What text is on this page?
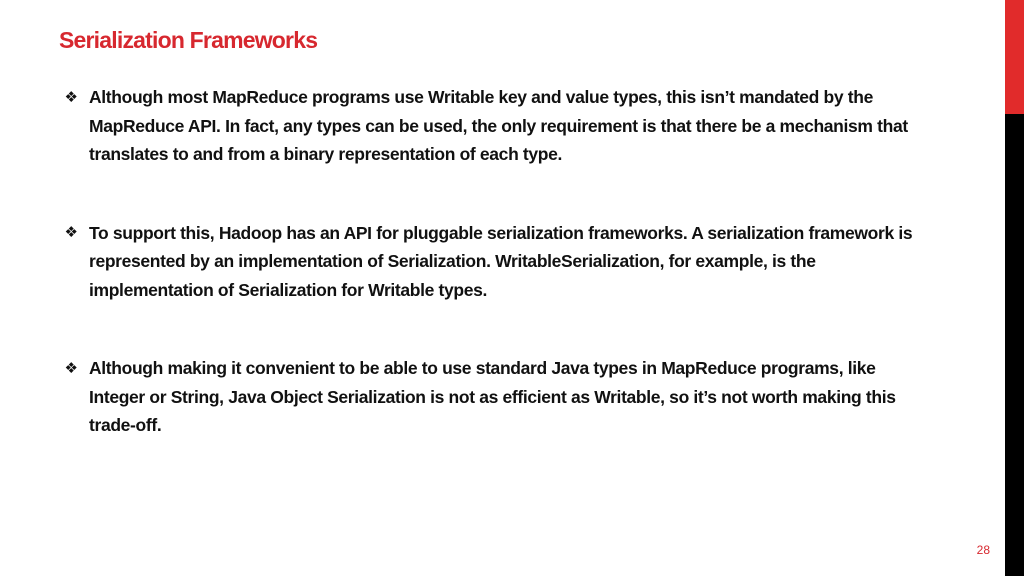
Serialization Frameworks
❖ Although most MapReduce programs use Writable key and value types, this isn’t mandated by the MapReduce API. In fact, any types can be used, the only requirement is that there be a mechanism that translates to and from a binary representation of each type.
❖ To support this, Hadoop has an API for pluggable serialization frameworks. A serialization framework is represented by an implementation of Serialization. WritableSerialization, for example, is the implementation of Serialization for Writable types.
❖ Although making it convenient to be able to use standard Java types in MapReduce programs, like Integer or String, Java Object Serialization is not as efficient as Writable, so it’s not worth making this trade-off.
28
